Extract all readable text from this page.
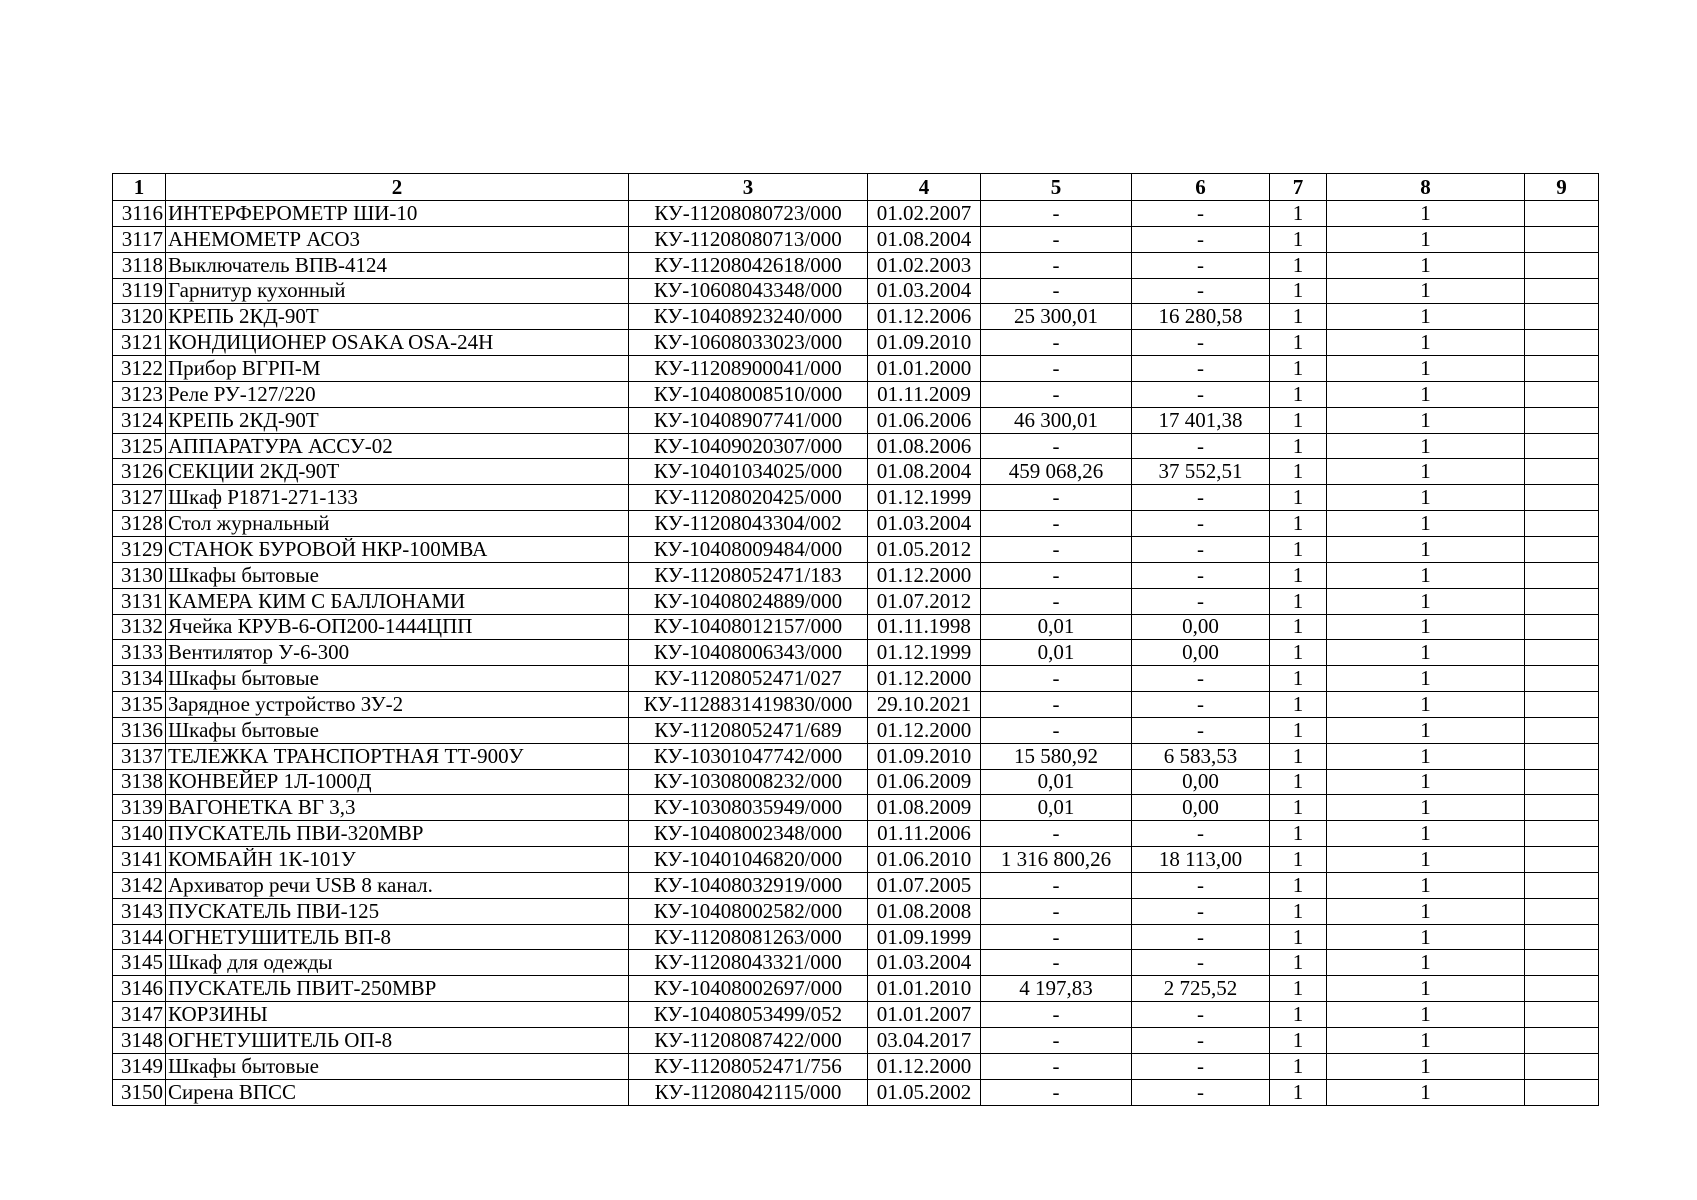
1	2	3	4	5	6	7	8	9
3116	ИНТЕРФЕРОМЕТР ШИ-10	КУ-11208080723/000	01.02.2007	-	-	1	1	
3117	АНЕМОМЕТР АСО3	КУ-11208080713/000	01.08.2004	-	-	1	1	
3118	Выключатель ВПВ-4124	КУ-11208042618/000	01.02.2003	-	-	1	1	
3119	Гарнитур кухонный	КУ-10608043348/000	01.03.2004	-	-	1	1	
3120	КРЕПЬ 2КД-90Т	КУ-10408923240/000	01.12.2006	25 300,01	16 280,58	1	1	
3121	КОНДИЦИОНЕР OSAKA OSA-24H	КУ-10608033023/000	01.09.2010	-	-	1	1	
3122	Прибор ВГРП-М	КУ-11208900041/000	01.01.2000	-	-	1	1	
3123	Реле РУ-127/220	КУ-10408008510/000	01.11.2009	-	-	1	1	
3124	КРЕПЬ 2КД-90Т	КУ-10408907741/000	01.06.2006	46 300,01	17 401,38	1	1	
3125	АППАРАТУРА АССУ-02	КУ-10409020307/000	01.08.2006	-	-	1	1	
3126	СЕКЦИИ 2КД-90Т	КУ-10401034025/000	01.08.2004	459 068,26	37 552,51	1	1	
3127	Шкаф Р1871-271-133	КУ-11208020425/000	01.12.1999	-	-	1	1	
3128	Стол журнальный	КУ-11208043304/002	01.03.2004	-	-	1	1	
3129	СТАНОК БУРОВОЙ НКР-100МВА	КУ-10408009484/000	01.05.2012	-	-	1	1	
3130	Шкафы бытовые	КУ-11208052471/183	01.12.2000	-	-	1	1	
3131	КАМЕРА КИМ С БАЛЛОНАМИ	КУ-10408024889/000	01.07.2012	-	-	1	1	
3132	Ячейка КРУВ-6-ОП200-1444ЦПП	КУ-10408012157/000	01.11.1998	0,01	0,00	1	1	
3133	Вентилятор У-6-300	КУ-10408006343/000	01.12.1999	0,01	0,00	1	1	
3134	Шкафы бытовые	КУ-11208052471/027	01.12.2000	-	-	1	1	
3135	Зарядное устройство ЗУ-2	КУ-1128831419830/000	29.10.2021	-	-	1	1	
3136	Шкафы бытовые	КУ-11208052471/689	01.12.2000	-	-	1	1	
3137	ТЕЛЕЖКА ТРАНСПОРТНАЯ ТТ-900У	КУ-10301047742/000	01.09.2010	15 580,92	6 583,53	1	1	
3138	КОНВЕЙЕР 1Л-1000Д	КУ-10308008232/000	01.06.2009	0,01	0,00	1	1	
3139	ВАГОНЕТКА ВГ 3,3	КУ-10308035949/000	01.08.2009	0,01	0,00	1	1	
3140	ПУСКАТЕЛЬ ПВИ-320МВР	КУ-10408002348/000	01.11.2006	-	-	1	1	
3141	КОМБАЙН 1К-101У	КУ-10401046820/000	01.06.2010	1 316 800,26	18 113,00	1	1	
3142	Архиватор речи USB 8 канал.	КУ-10408032919/000	01.07.2005	-	-	1	1	
3143	ПУСКАТЕЛЬ ПВИ-125	КУ-10408002582/000	01.08.2008	-	-	1	1	
3144	ОГНЕТУШИТЕЛЬ ВП-8	КУ-11208081263/000	01.09.1999	-	-	1	1	
3145	Шкаф для одежды	КУ-11208043321/000	01.03.2004	-	-	1	1	
3146	ПУСКАТЕЛЬ ПВИТ-250МВР	КУ-10408002697/000	01.01.2010	4 197,83	2 725,52	1	1	
3147	КОРЗИНЫ	КУ-10408053499/052	01.01.2007	-	-	1	1	
3148	ОГНЕТУШИТЕЛЬ ОП-8	КУ-11208087422/000	03.04.2017	-	-	1	1	
3149	Шкафы бытовые	КУ-11208052471/756	01.12.2000	-	-	1	1	
3150	Сирена ВПСС	КУ-11208042115/000	01.05.2002	-	-	1	1	
